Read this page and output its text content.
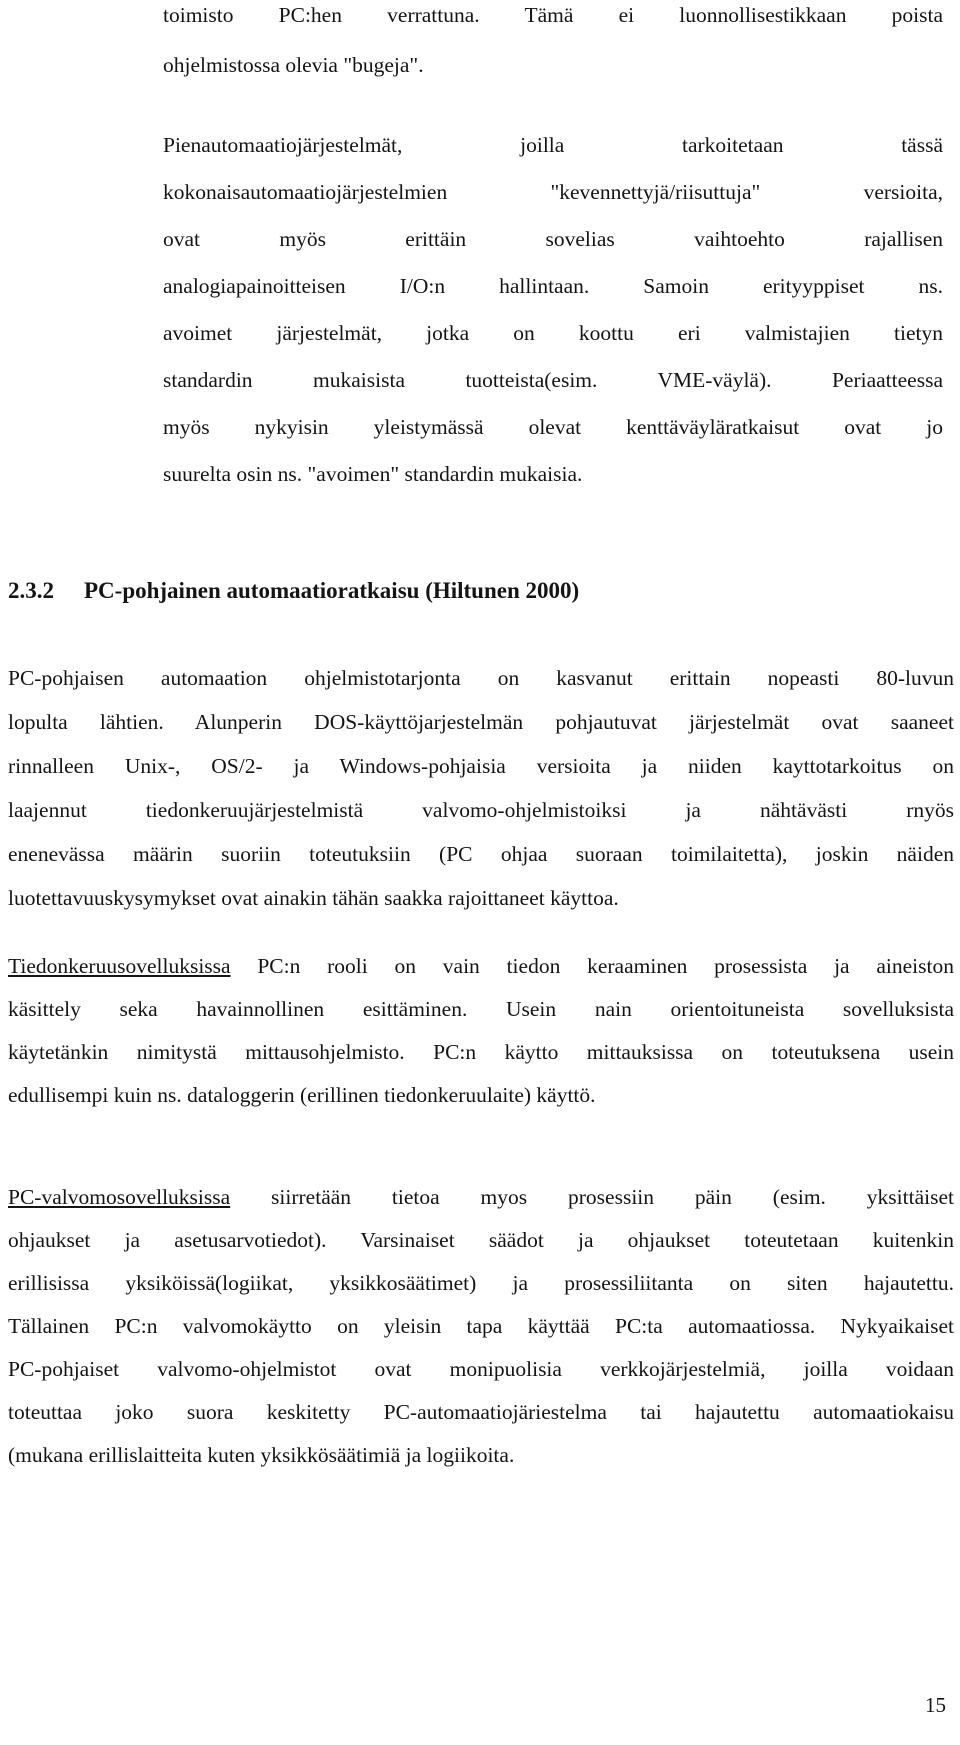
toimisto PC:hen verrattuna. Tämä ei luonnollisestikkaan poista
ohjelmistossa olevia "bugeja".
Pienautomaatiojärjestelmät, joilla tarkoitetaan tässä
kokonaisautomaatiojärjestelmien "kevennettyjä/riisuttuja" versioita,
ovat myös erittäin sovelias vaihtoehto rajallisen
analogiapainoitteisen I/O:n hallintaan. Samoin erityyppiset ns.
avoimet järjestelmät, jotka on koottu eri valmistajien tietyn
standardin mukaisista tuotteista(esim. VME-väylä). Periaatteessa
myös nykyisin yleistymässä olevat kenttäväyläratkaisut ovat jo
suurelta osin ns. "avoimen" standardin mukaisia.
2.3.2 PC-pohjainen automaatioratkaisu (Hiltunen 2000)
PC-pohjaisen automaation ohjelmistotarjonta on kasvanut erittain nopeasti 80-luvun
lopulta lähtien. Alunperin DOS-käyttöjarjestelmän pohjautuvat järjestelmät ovat saaneet
rinnalleen Unix-, OS/2- ja Windows-pohjaisia versioita ja niiden kayttotarkoitus on
laajennut tiedonkeruujärjestelmistä valvomo-ohjelmistoiksi ja nähtävästi rnyös
enenevässa määrin suoriin toteutuksiin (PC ohjaa suoraan toimilaitetta), joskin näiden
luotettavuuskysymykset ovat ainakin tähän saakka rajoittaneet käyttoa.
Tiedonkeruusovelluksissa PC:n rooli on vain tiedon keraaminen prosessista ja aineiston
käsittely seka havainnollinen esittäminen. Usein nain orientoituneista sovelluksista
käytetänkin nimitystä mittausohjelmisto. PC:n käytto mittauksissa on toteutuksena usein
edullisempi kuin ns. dataloggerin (erillinen tiedonkeruulaite) käyttö.
PC-valvomosovelluksissa siirretään tietoa myos prosessiin päin (esim. yksittäiset
ohjaukset ja asetusarvotiedot). Varsinaiset säädot ja ohjaukset toteutetaan kuitenkin
erillisissa yksiköissä(logiikat, yksikkosäätimet) ja prosessiliitanta on siten hajautettu.
Tällainen PC:n valvomokäytto on yleisin tapa käyttää PC:ta automaatiossa. Nykyaikaiset
PC-pohjaiset valvomo-ohjelmistot ovat monipuolisia verkkojärjestelmiä, joilla voidaan
toteuttaa joko suora keskitetty PC-automaatiojäriestelma tai hajautettu automaatiokaisu
(mukana erillislaitteita kuten yksikkösäätimiä ja logiikoita.
15
